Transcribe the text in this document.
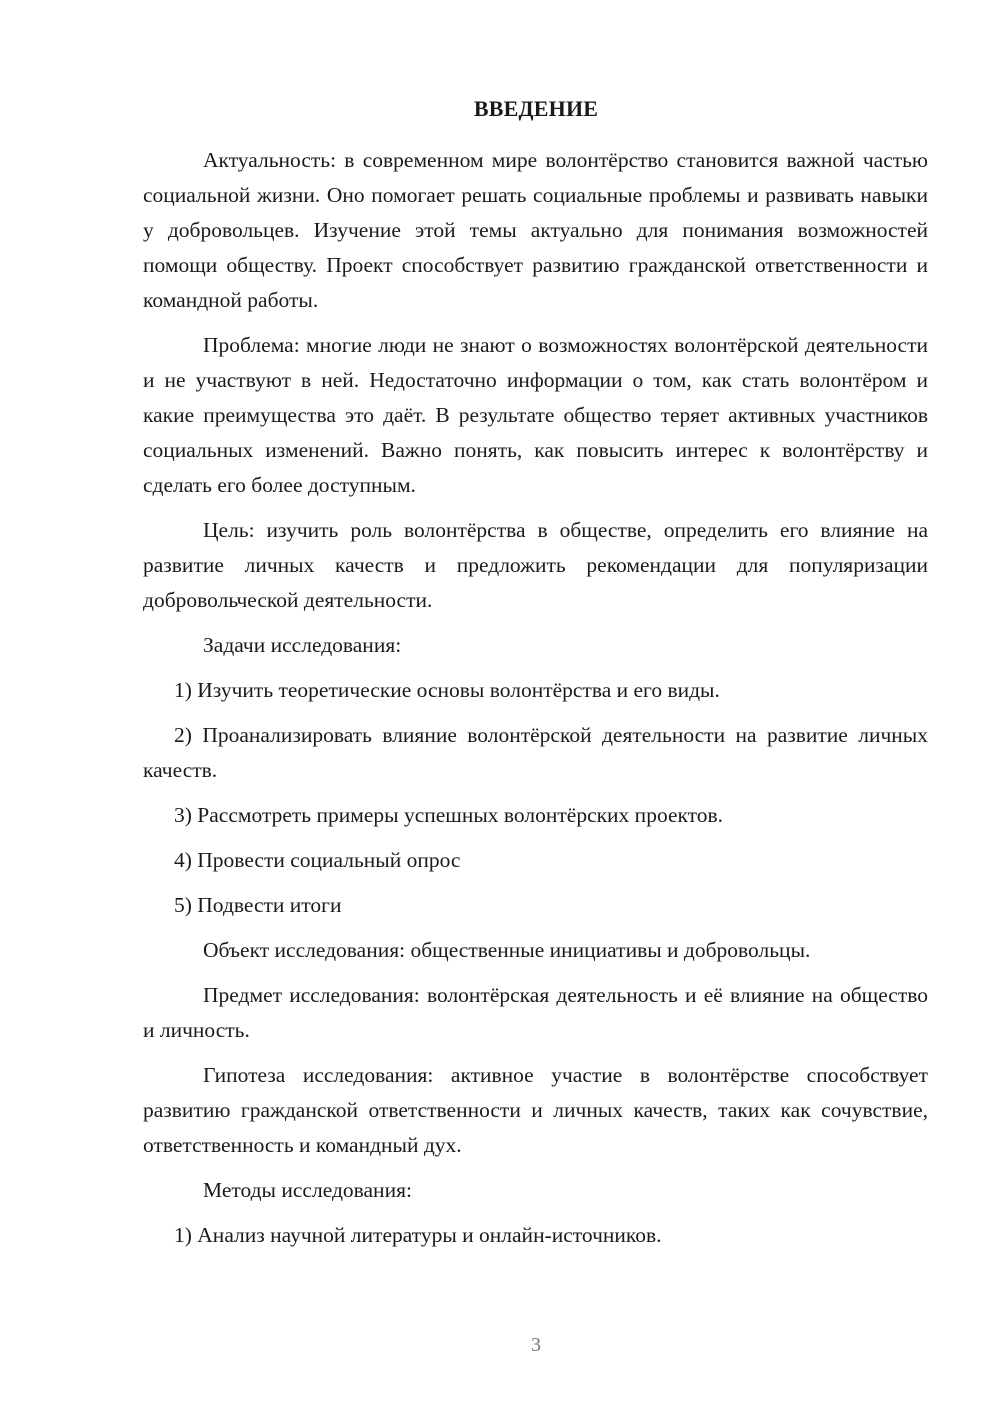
ВВЕДЕНИЕ

Актуальность: в современном мире волонтёрство становится важной частью социальной жизни. Оно помогает решать социальные проблемы и развивать навыки у добровольцев. Изучение этой темы актуально для понимания возможностей помощи обществу. Проект способствует развитию гражданской ответственности и командной работы.

Проблема: многие люди не знают о возможностях волонтёрской деятельности и не участвуют в ней. Недостаточно информации о том, как стать волонтёром и какие преимущества это даёт. В результате общество теряет активных участников социальных изменений. Важно понять, как повысить интерес к волонтёрству и сделать его более доступным.

Цель: изучить роль волонтёрства в обществе, определить его влияние на развитие личных качеств и предложить рекомендации для популяризации добровольческой деятельности.

Задачи исследования:

1) Изучить теоретические основы волонтёрства и его виды.

2) Проанализировать влияние волонтёрской деятельности на развитие личных качеств.

3) Рассмотреть примеры успешных волонтёрских проектов.

4) Провести социальный опрос

5) Подвести итоги

Объект исследования: общественные инициативы и добровольцы.

Предмет исследования: волонтёрская деятельность и её влияние на общество и личность.

Гипотеза исследования: активное участие в волонтёрстве способствует развитию гражданской ответственности и личных качеств, таких как сочувствие, ответственность и командный дух.

Методы исследования:

1) Анализ научной литературы и онлайн-источников.

3
